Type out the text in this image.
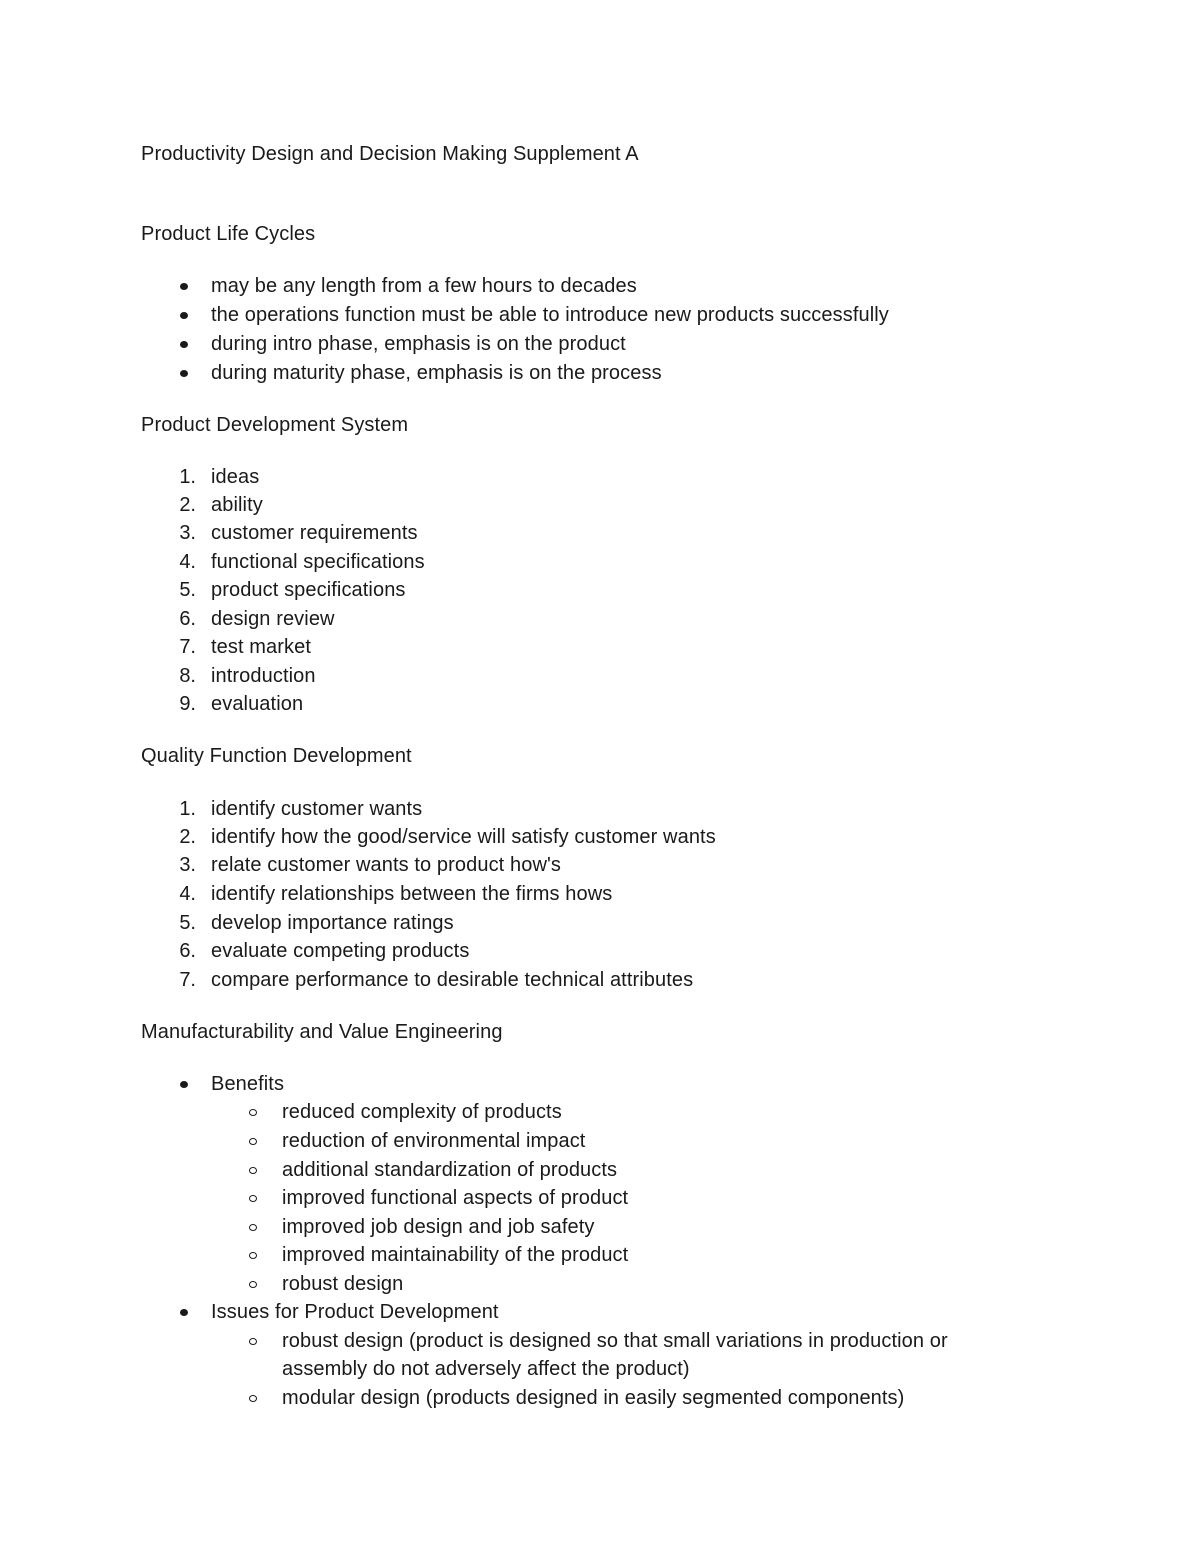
Productivity Design and Decision Making Supplement A
Product Life Cycles
may be any length from a few hours to decades
the operations function must be able to introduce new products successfully
during intro phase, emphasis is on the product
during maturity phase, emphasis is on the process
Product Development System
1. ideas
2. ability
3. customer requirements
4. functional specifications
5. product specifications
6. design review
7. test market
8. introduction
9. evaluation
Quality Function Development
1. identify customer wants
2. identify how the good/service will satisfy customer wants
3. relate customer wants to product how's
4. identify relationships between the firms hows
5. develop importance ratings
6. evaluate competing products
7. compare performance to desirable technical attributes
Manufacturability and Value Engineering
Benefits
reduced complexity of products
reduction of environmental impact
additional standardization of products
improved functional aspects of product
improved job design and job safety
improved maintainability of the product
robust design
Issues for Product Development
robust design (product is designed so that small variations in production or
assembly do not adversely affect the product)
modular design (products designed in easily segmented components)
